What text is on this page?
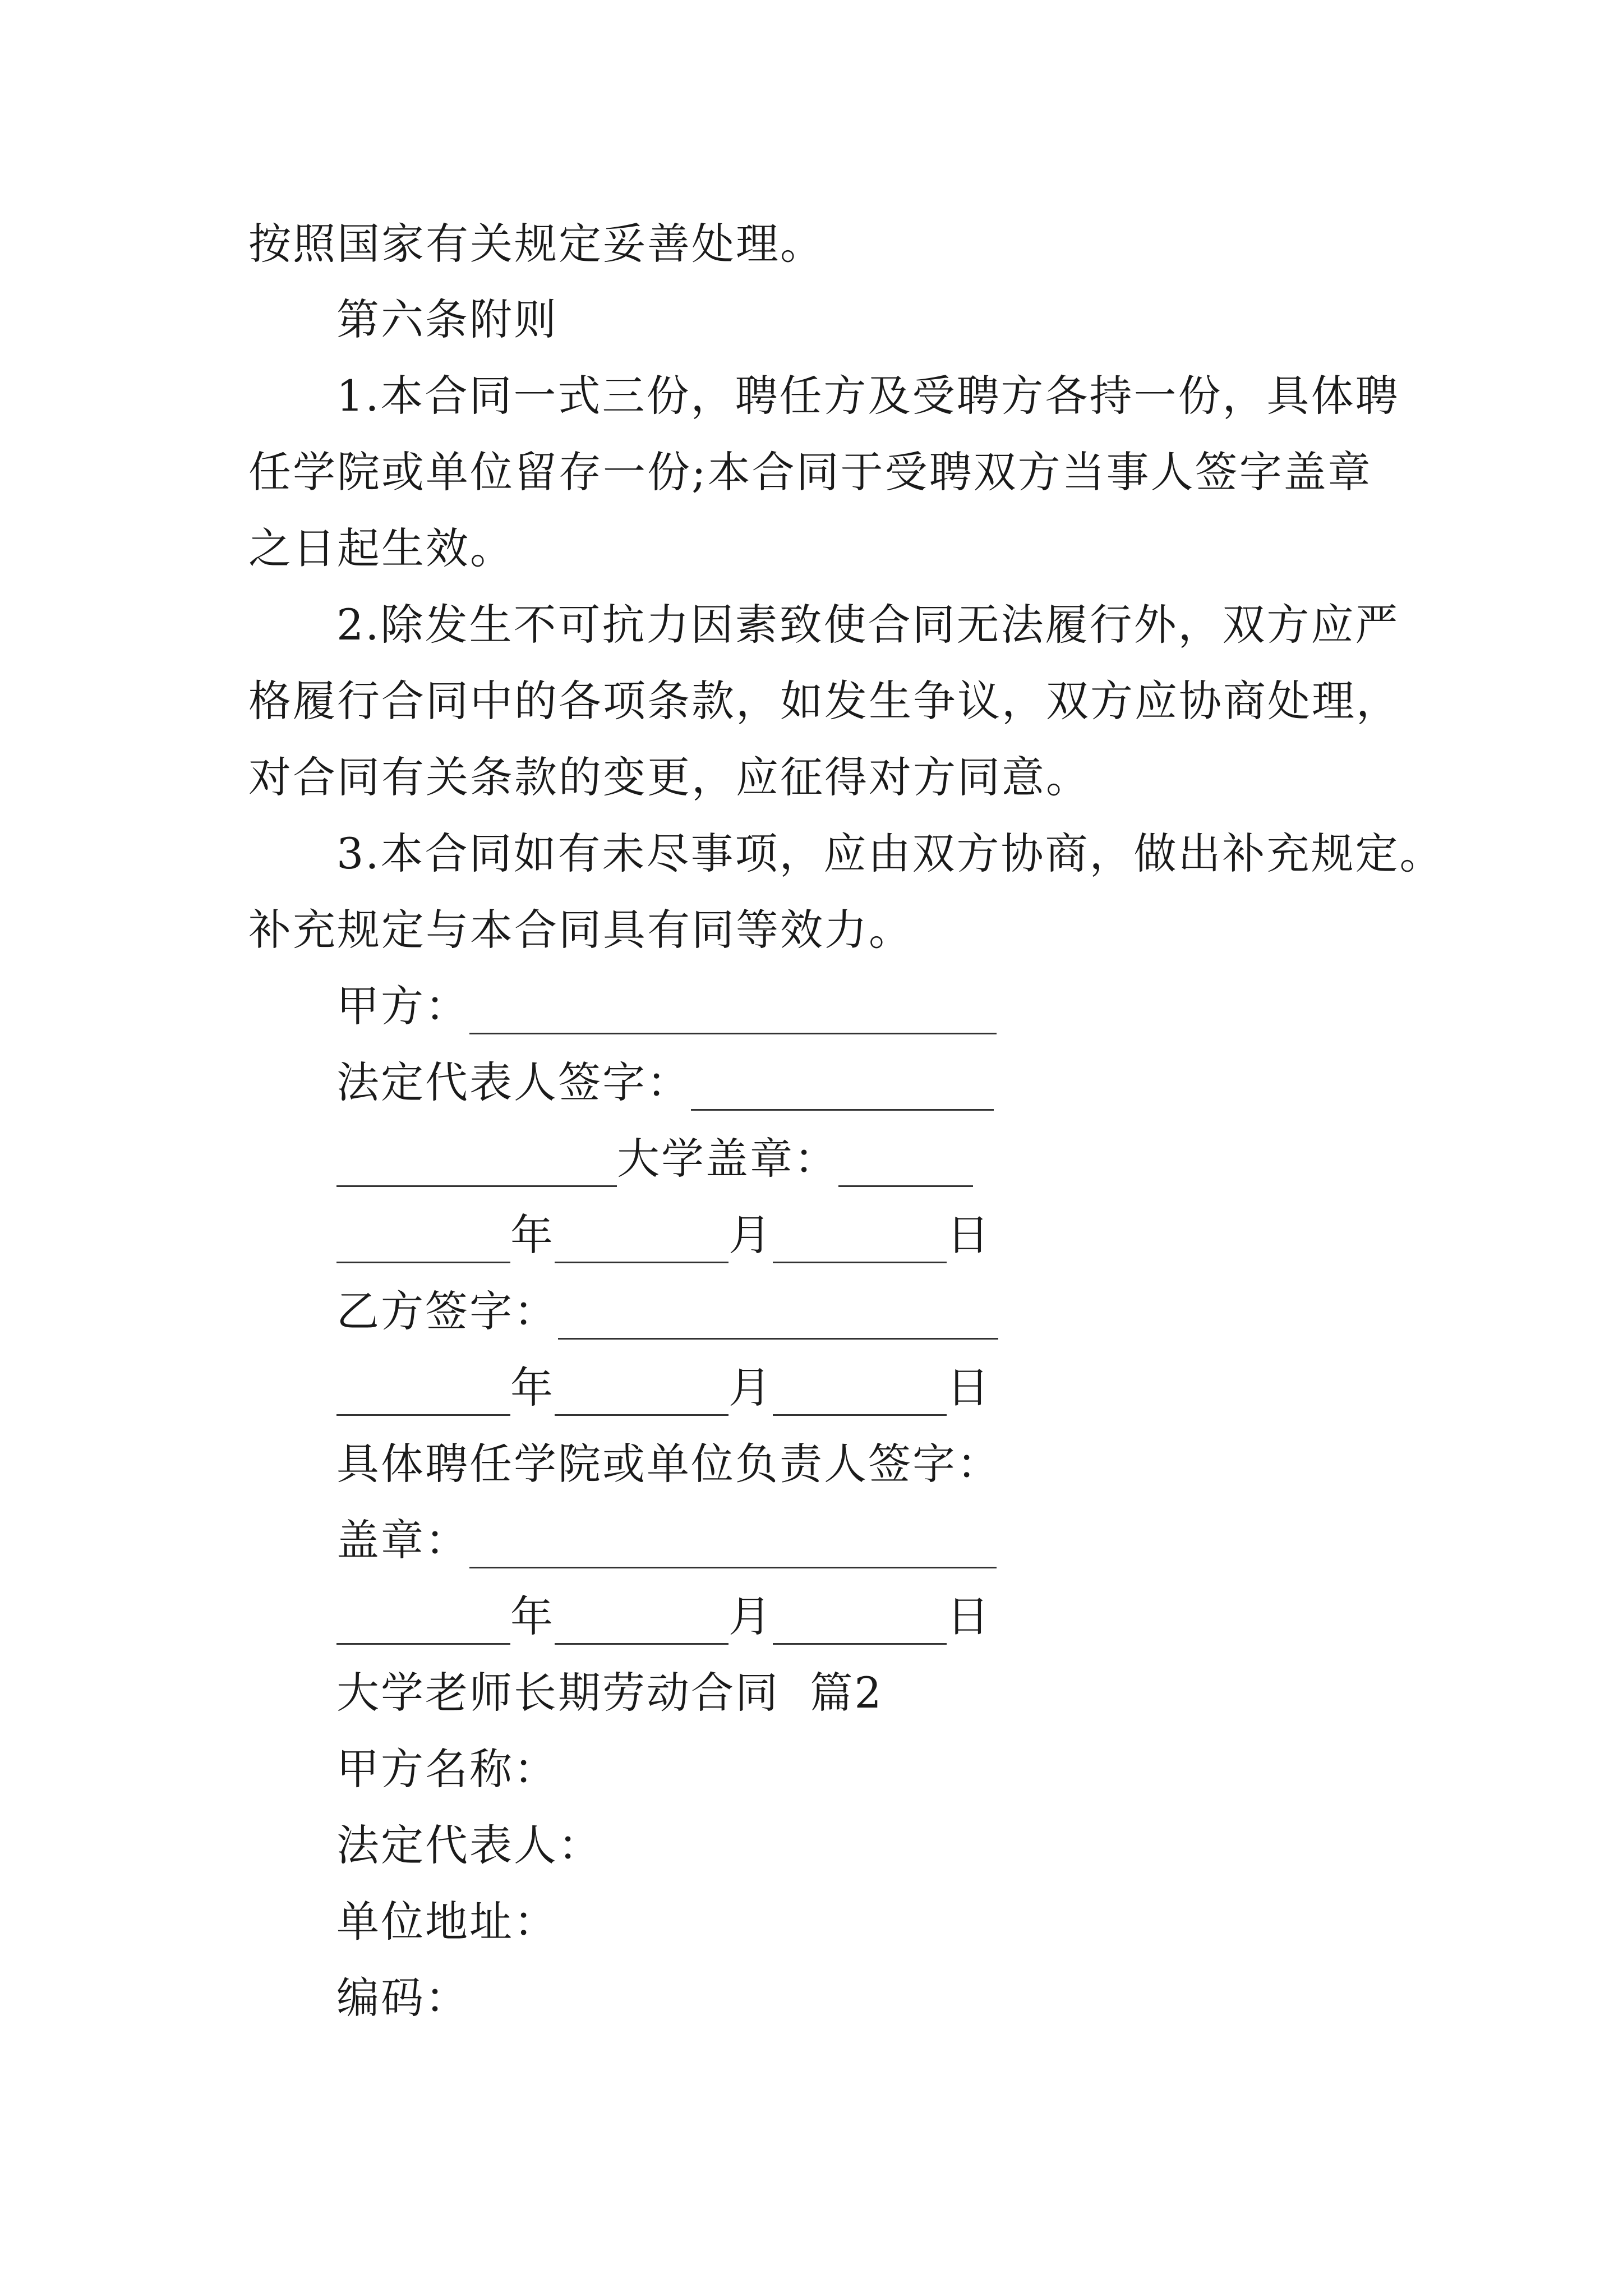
按照国家有关规定妥善处理。
第六条附则
1.本合同一式三份，聘任方及受聘方各持一份，具体聘
任学院或单位留存一份;本合同于受聘双方当事人签字盖章
之日起生效。
2.除发生不可抗力因素致使合同无法履行外，双方应严
格履行合同中的各项条款，如发生争议，双方应协商处理，
对合同有关条款的变更，应征得对方同意。
3.本合同如有未尽事项，应由双方协商，做出补充规定。
补充规定与本合同具有同等效力。
甲方：
法定代表人签字：
大学盖章：
年	月	日
乙方签字：
年	月	日
具体聘任学院或单位负责人签字：
盖章：
年	月	日
大学老师长期劳动合同  篇2
甲方名称：
法定代表人：
单位地址：
编码：
